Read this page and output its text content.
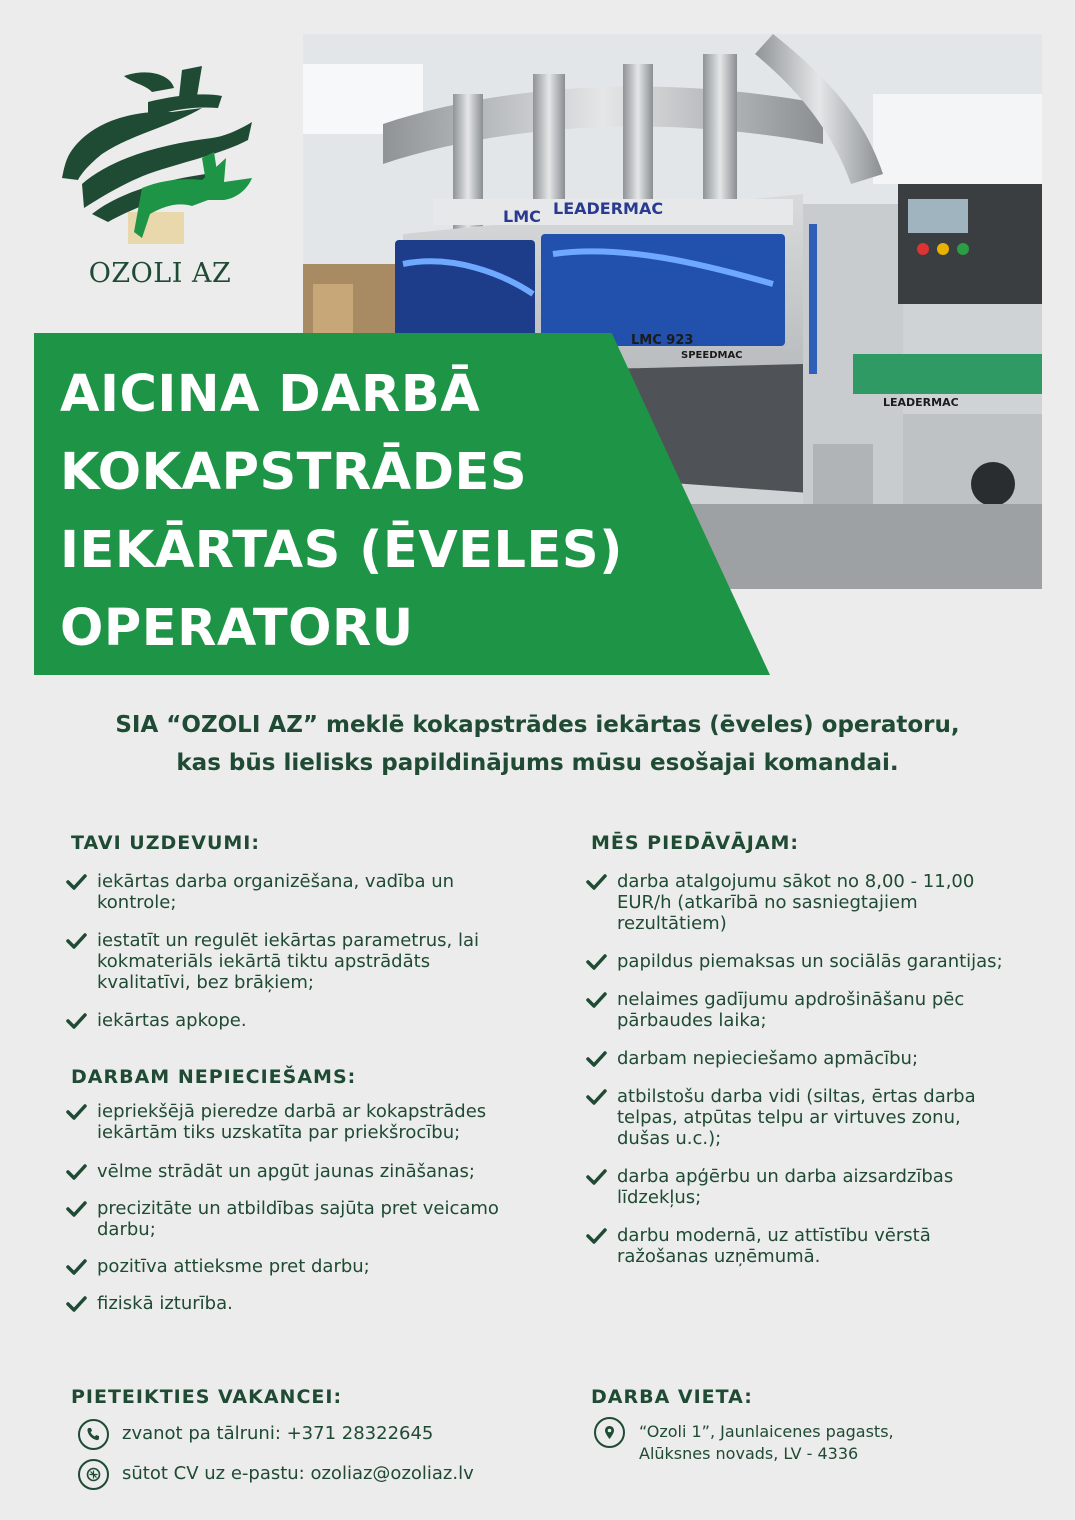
OZOLI AZ
LMC LEADERMAC
LMC 923
SPEEDMAC
LEADERMAC
AICINA DARBĀ
KOKAPSTRĀDES
IEKĀRTAS (ĒVELES)
OPERATORU
SIA “OZOLI AZ” meklē kokapstrādes iekārtas (ēveles) operatoru,
kas būs lielisks papildinājums mūsu esošajai komandai.
TAVI UZDEVUMI:
iekārtas darba organizēšana, vadība un kontrole;
iestatīt un regulēt iekārtas parametrus, lai kokmateriāls iekārtā tiktu apstrādāts kvalitatīvi, bez brāķiem;
iekārtas apkope.
DARBAM NEPIECIEŠAMS:
iepriekšējā pieredze darbā ar kokapstrādes iekārtām tiks uzskatīta par priekšrocību;
vēlme strādāt un apgūt jaunas zināšanas;
precizitāte un atbildības sajūta pret veicamo darbu;
pozitīva attieksme pret darbu;
fiziskā izturība.
MĒS PIEDĀVĀJAM:
darba atalgojumu sākot no 8,00 - 11,00 EUR/h (atkarībā no sasniegtajiem rezultātiem)
papildus piemaksas un sociālās garantijas;
nelaimes gadījumu apdrošināšanu pēc pārbaudes laika;
darbam nepieciešamo apmācību;
atbilstošu darba vidi (siltas, ērtas darba telpas, atpūtas telpu ar virtuves zonu, dušas u.c.);
darba apģērbu un darba aizsardzības līdzekļus;
darbu modernā, uz attīstību vērstā ražošanas uzņēmumā.
PIETEIKTIES VAKANCEI:
zvanot pa tālruni: +371 28322645
sūtot CV uz e-pastu: ozoliaz@ozoliaz.lv
DARBA VIETA:
“Ozoli 1”, Jaunlaicenes pagasts,
Alūksnes novads, LV - 4336
